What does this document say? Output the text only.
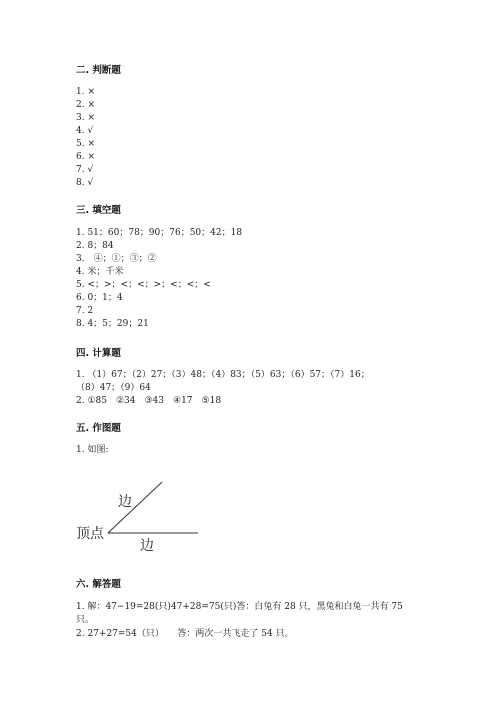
二. 判断题
1. ×
2. ×
3. ×
4. √
5. ×
6. ×
7. √
8. √
三. 填空题
1. 51；60；78；90；76；50；42；18
2. 8；84
3.　④；①；③；②
4. 米；千米
5. <；>；<；<；>；<；<；<
6. 0；1；4
7. 2
8. 4；5；29；21
四. 计算题
1. （1）67；（2）27；（3）48；（4）83；（5）63；（6）57；（7）16；
（8）47；（9）64
2. ①85　②34　③43　④17　⑤18
五. 作图题
1. 如图:
边
顶点
边
六. 解答题
1. 解：47−19=28(只)47+28=75(只)答：白兔有 28 只，黑兔和白兔一共有 75
只。
2. 27+27=54（只）　　答：两次一共飞走了 54 只。
